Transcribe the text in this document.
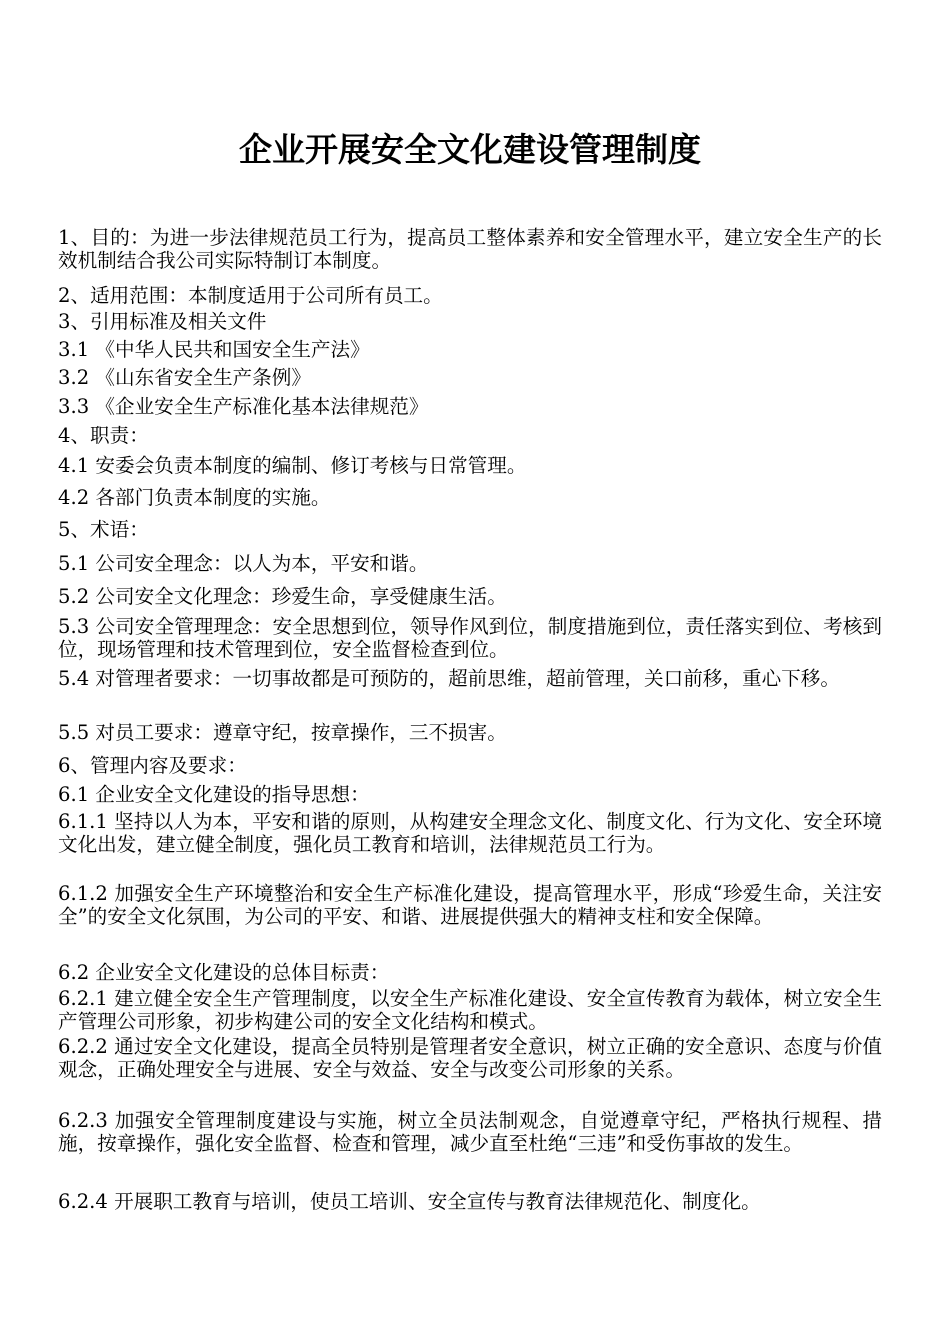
企业开展安全文化建设管理制度

1、目的：为进一步法律规范员工行为，提高员工整体素养和安全管理水平，建立安全生产的长效机制结合我公司实际特制订本制度。

2、适用范围：本制度适用于公司所有员工。

3、引用标准及相关文件

3.1 《中华人民共和国安全生产法》

3.2 《山东省安全生产条例》

3.3 《企业安全生产标准化基本法律规范》

4、职责：

4.1 安委会负责本制度的编制、修订考核与日常管理。

4.2 各部门负责本制度的实施。

5、术语：

5.1 公司安全理念：以人为本，平安和谐。

5.2 公司安全文化理念：珍爱生命，享受健康生活。

5.3 公司安全管理理念：安全思想到位，领导作风到位，制度措施到位，责任落实到位、考核到位，现场管理和技术管理到位，安全监督检查到位。

5.4 对管理者要求：一切事故都是可预防的，超前思维，超前管理，关口前移，重心下移。

5.5 对员工要求：遵章守纪，按章操作，三不损害。

6、管理内容及要求：

6.1 企业安全文化建设的指导思想：

6.1.1 坚持以人为本，平安和谐的原则，从构建安全理念文化、制度文化、行为文化、安全环境文化出发，建立健全制度，强化员工教育和培训，法律规范员工行为。

6.1.2 加强安全生产环境整治和安全生产标准化建设，提高管理水平，形成“珍爱生命，关注安全”的安全文化氛围，为公司的平安、和谐、进展提供强大的精神支柱和安全保障。

6.2 企业安全文化建设的总体目标责：

6.2.1 建立健全安全生产管理制度，以安全生产标准化建设、安全宣传教育为载体，树立安全生产管理公司形象，初步构建公司的安全文化结构和模式。

6.2.2 通过安全文化建设，提高全员特别是管理者安全意识，树立正确的安全意识、态度与价值观念，正确处理安全与进展、安全与效益、安全与改变公司形象的关系。

6.2.3 加强安全管理制度建设与实施，树立全员法制观念，自觉遵章守纪，严格执行规程、措施，按章操作，强化安全监督、检查和管理，减少直至杜绝“三违”和受伤事故的发生。

6.2.4 开展职工教育与培训，使员工培训、安全宣传与教育法律规范化、制度化。
